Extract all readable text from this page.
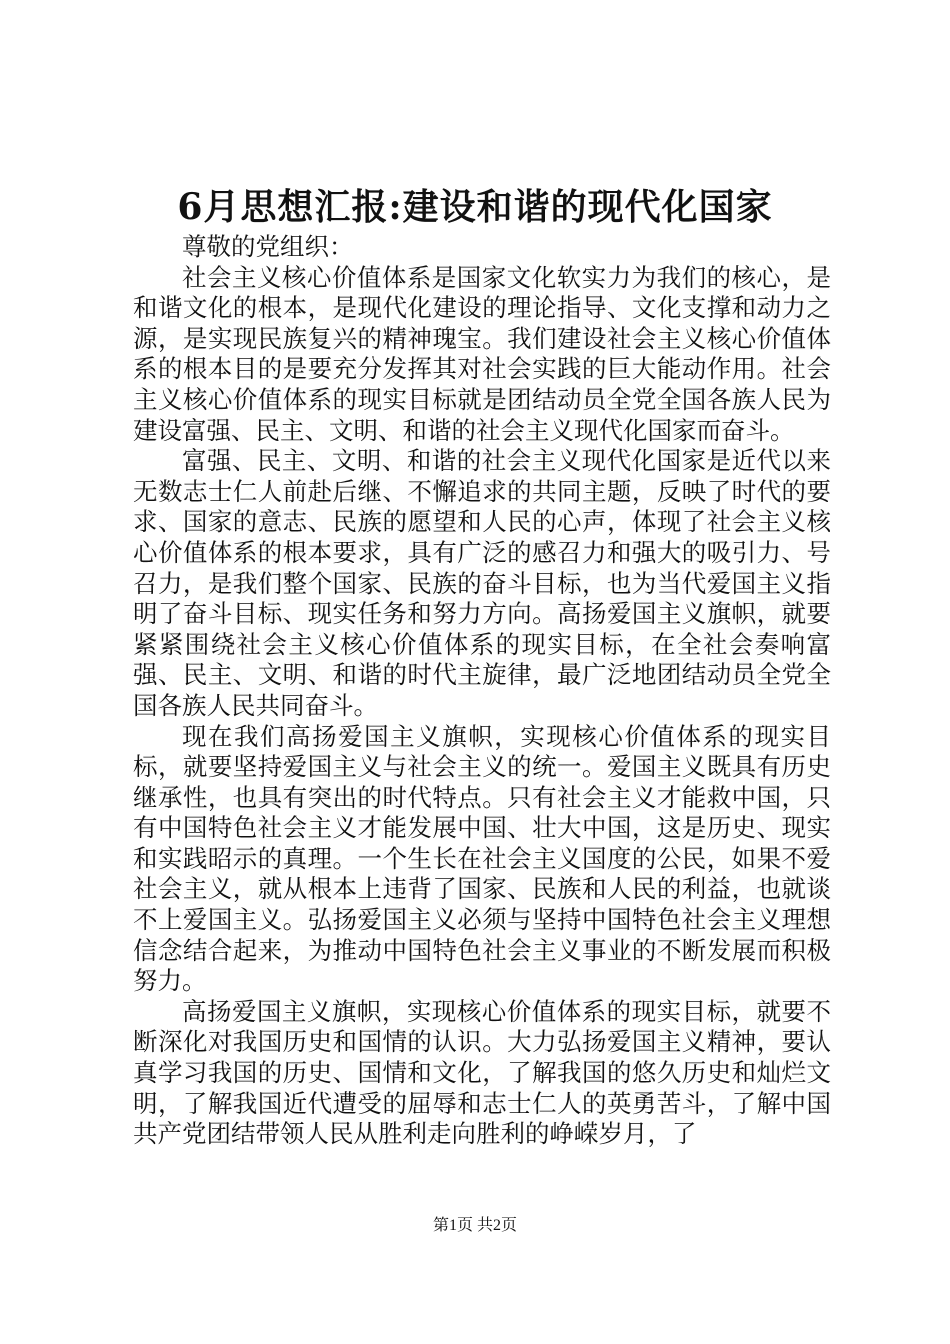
6月思想汇报:建设和谐的现代化国家

尊敬的党组织：

社会主义核心价值体系是国家文化软实力为我们的核心，是和谐文化的根本，是现代化建设的理论指导、文化支撑和动力之源，是实现民族复兴的精神瑰宝。我们建设社会主义核心价值体系的根本目的是要充分发挥其对社会实践的巨大能动作用。社会主义核心价值体系的现实目标就是团结动员全党全国各族人民为建设富强、民主、文明、和谐的社会主义现代化国家而奋斗。

富强、民主、文明、和谐的社会主义现代化国家是近代以来无数志士仁人前赴后继、不懈追求的共同主题，反映了时代的要求、国家的意志、民族的愿望和人民的心声，体现了社会主义核心价值体系的根本要求，具有广泛的感召力和强大的吸引力、号召力，是我们整个国家、民族的奋斗目标，也为当代爱国主义指明了奋斗目标、现实任务和努力方向。高扬爱国主义旗帜，就要紧紧围绕社会主义核心价值体系的现实目标，在全社会奏响富强、民主、文明、和谐的时代主旋律，最广泛地团结动员全党全国各族人民共同奋斗。

现在我们高扬爱国主义旗帜，实现核心价值体系的现实目标，就要坚持爱国主义与社会主义的统一。爱国主义既具有历史继承性，也具有突出的时代特点。只有社会主义才能救中国，只有中国特色社会主义才能发展中国、壮大中国，这是历史、现实和实践昭示的真理。一个生长在社会主义国度的公民，如果不爱社会主义，就从根本上违背了国家、民族和人民的利益，也就谈不上爱国主义。弘扬爱国主义必须与坚持中国特色社会主义理想信念结合起来，为推动中国特色社会主义事业的不断发展而积极努力。

高扬爱国主义旗帜，实现核心价值体系的现实目标，就要不断深化对我国历史和国情的认识。大力弘扬爱国主义精神，要认真学习我国的历史、国情和文化，了解我国的悠久历史和灿烂文明，了解我国近代遭受的屈辱和志士仁人的英勇苦斗，了解中国共产党团结带领人民从胜利走向胜利的峥嵘岁月，了

第1页 共2页
